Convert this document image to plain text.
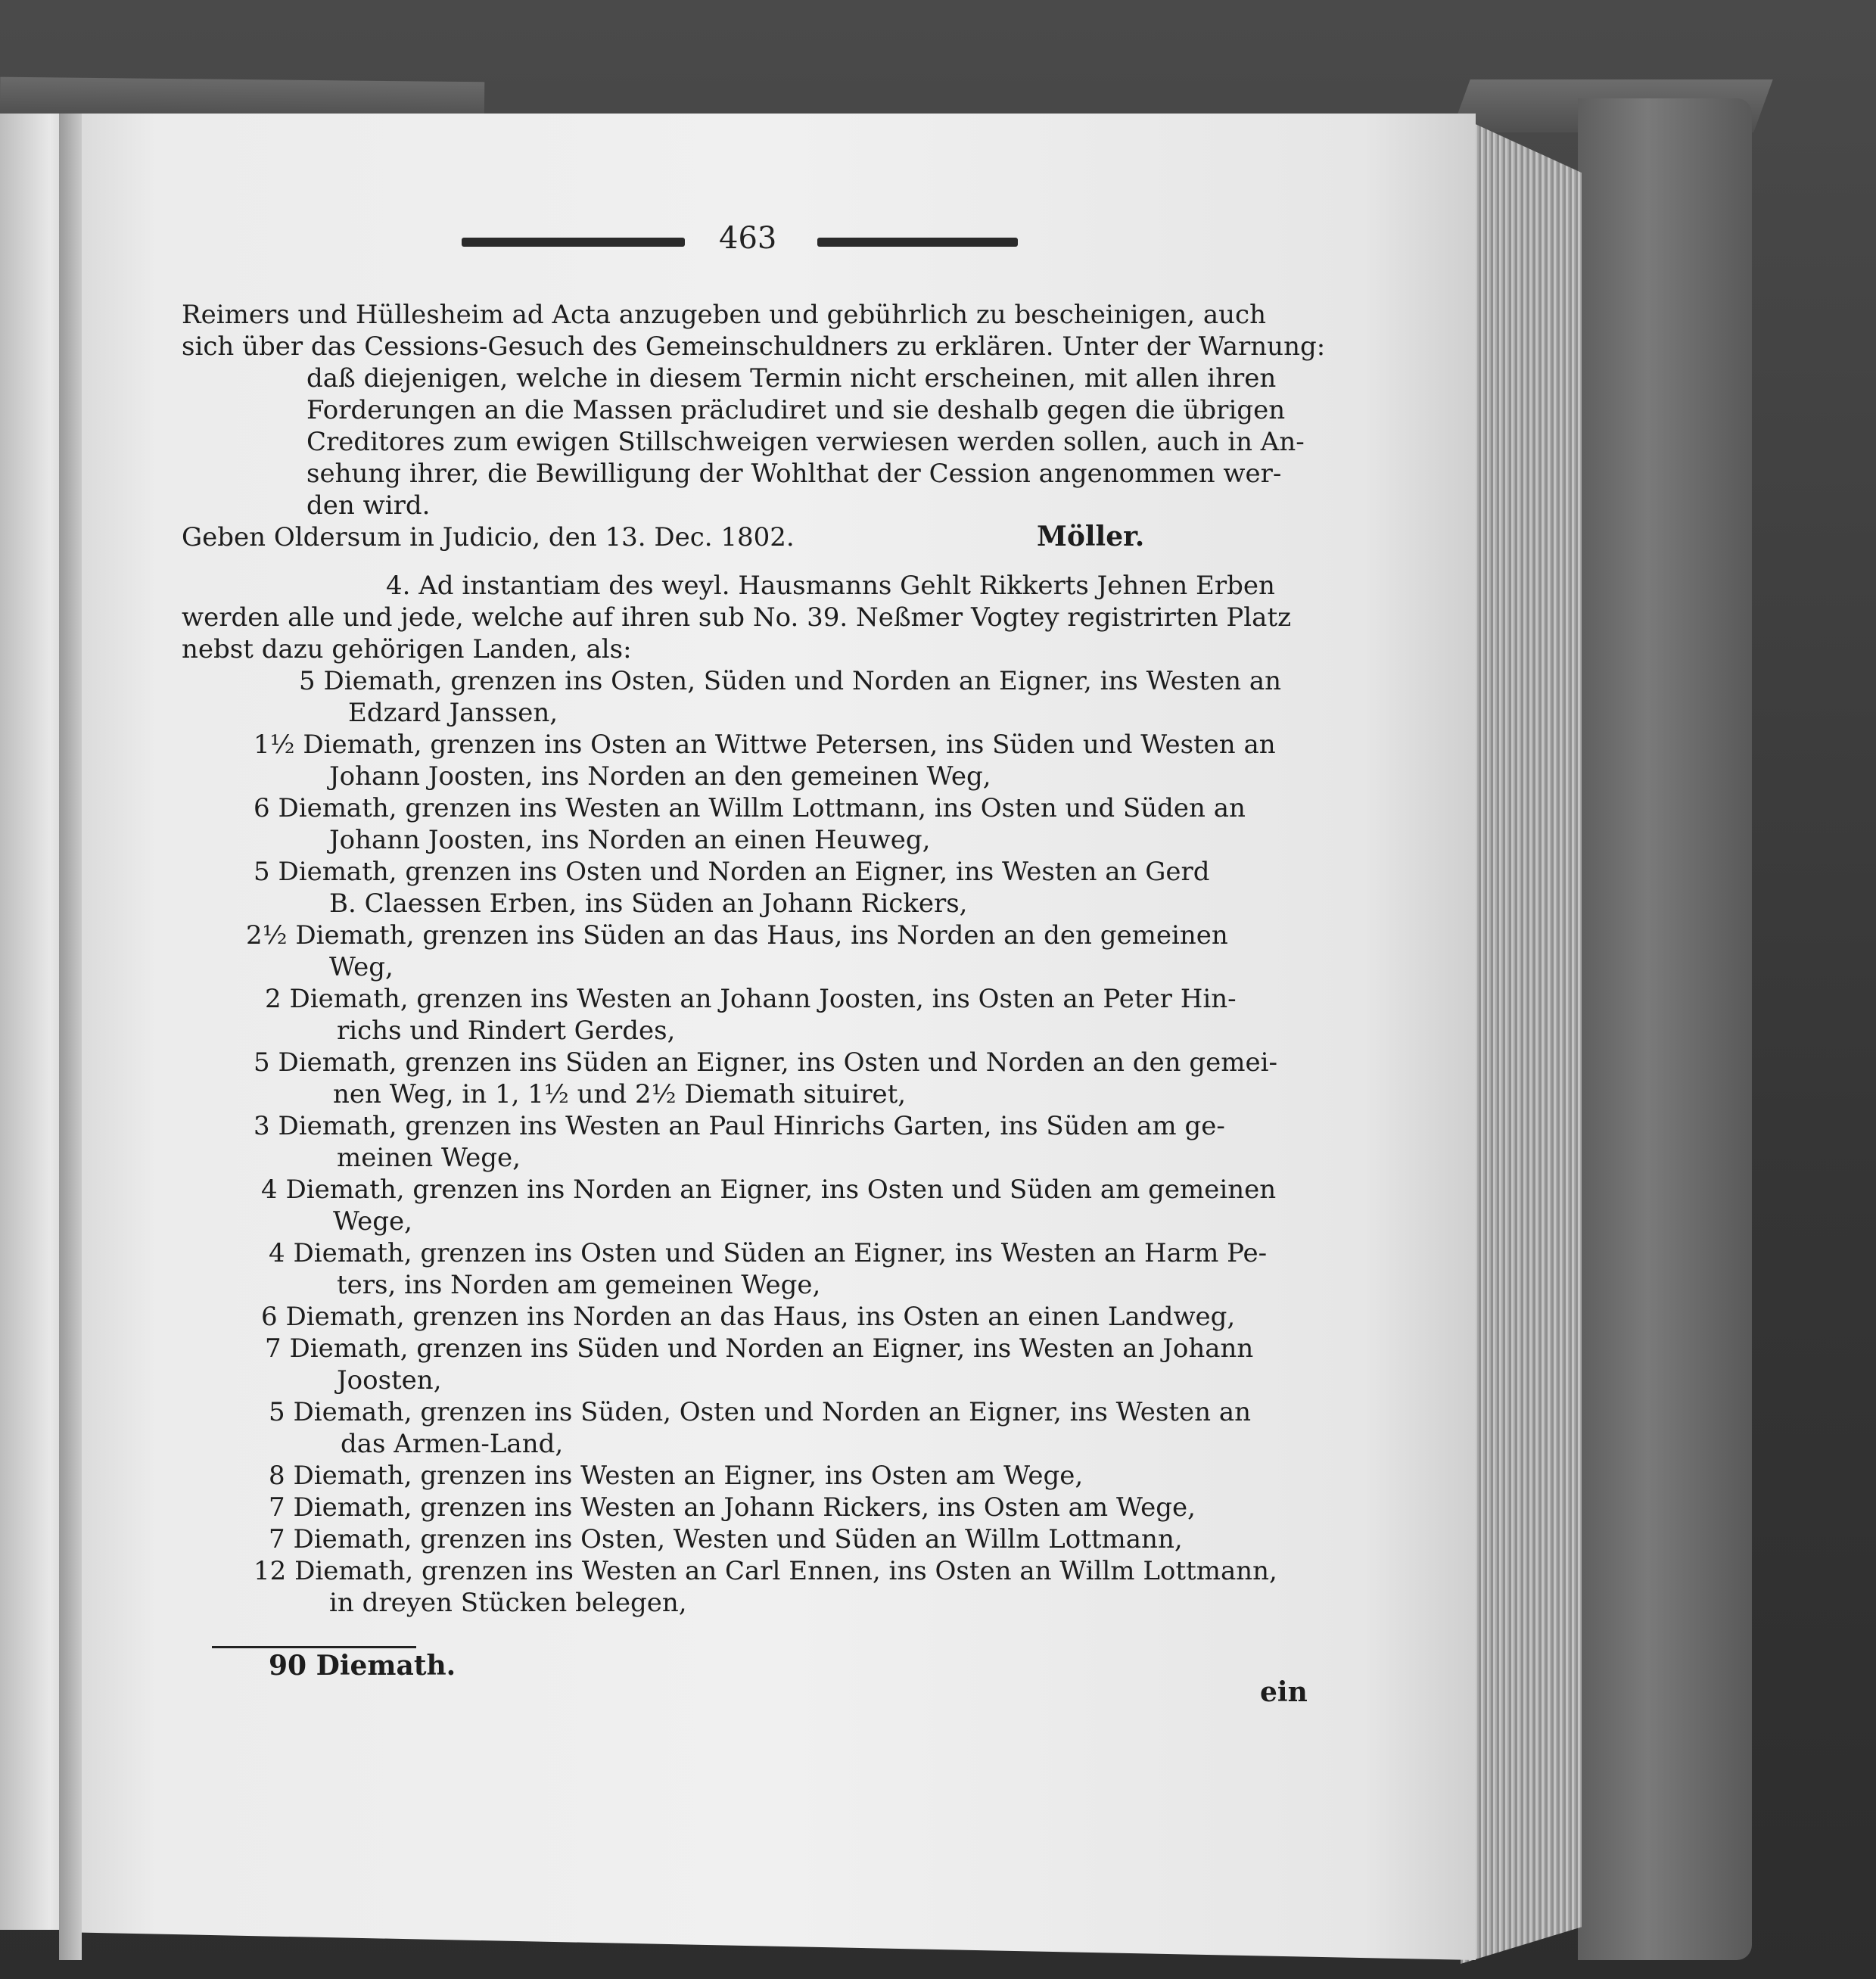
463
Reimers und Hüllesheim ad Acta anzugeben und gebührlich zu bescheinigen, auch
sich über das Cessions-Gesuch des Gemeinschuldners zu erklären. Unter der Warnung:
daß diejenigen, welche in diesem Termin nicht erscheinen, mit allen ihren
Forderungen an die Massen präcludiret und sie deshalb gegen die übrigen
Creditores zum ewigen Stillschweigen verwiesen werden sollen, auch in An-
sehung ihrer, die Bewilligung der Wohlthat der Cession angenommen wer-
den wird.
Geben Oldersum in Judicio, den 13. Dec. 1802.
4. Ad instantiam des weyl. Hausmanns Gehlt Rikkerts Jehnen Erben
werden alle und jede, welche auf ihren sub No. 39. Neßmer Vogtey registrirten Platz
nebst dazu gehörigen Landen, als:
5 Diemath, grenzen ins Osten, Süden und Norden an Eigner, ins Westen an
Edzard Janssen,
1½ Diemath, grenzen ins Osten an Wittwe Petersen, ins Süden und Westen an
Johann Joosten, ins Norden an den gemeinen Weg,
6 Diemath, grenzen ins Westen an Willm Lottmann, ins Osten und Süden an
Johann Joosten, ins Norden an einen Heuweg,
5 Diemath, grenzen ins Osten und Norden an Eigner, ins Westen an Gerd
B. Claessen Erben, ins Süden an Johann Rickers,
2½ Diemath, grenzen ins Süden an das Haus, ins Norden an den gemeinen
Weg,
2 Diemath, grenzen ins Westen an Johann Joosten, ins Osten an Peter Hin-
richs und Rindert Gerdes,
5 Diemath, grenzen ins Süden an Eigner, ins Osten und Norden an den gemei-
nen Weg, in 1, 1½ und 2½ Diemath situiret,
3 Diemath, grenzen ins Westen an Paul Hinrichs Garten, ins Süden am ge-
meinen Wege,
4 Diemath, grenzen ins Norden an Eigner, ins Osten und Süden am gemeinen
Wege,
4 Diemath, grenzen ins Osten und Süden an Eigner, ins Westen an Harm Pe-
ters, ins Norden am gemeinen Wege,
6 Diemath, grenzen ins Norden an das Haus, ins Osten an einen Landweg,
7 Diemath, grenzen ins Süden und Norden an Eigner, ins Westen an Johann
Joosten,
5 Diemath, grenzen ins Süden, Osten und Norden an Eigner, ins Westen an
das Armen-Land,
8 Diemath, grenzen ins Westen an Eigner, ins Osten am Wege,
7 Diemath, grenzen ins Westen an Johann Rickers, ins Osten am Wege,
7 Diemath, grenzen ins Osten, Westen und Süden an Willm Lottmann,
12 Diemath, grenzen ins Westen an Carl Ennen, ins Osten an Willm Lottmann,
in dreyen Stücken belegen,
Möller.
90 Diemath.
ein
